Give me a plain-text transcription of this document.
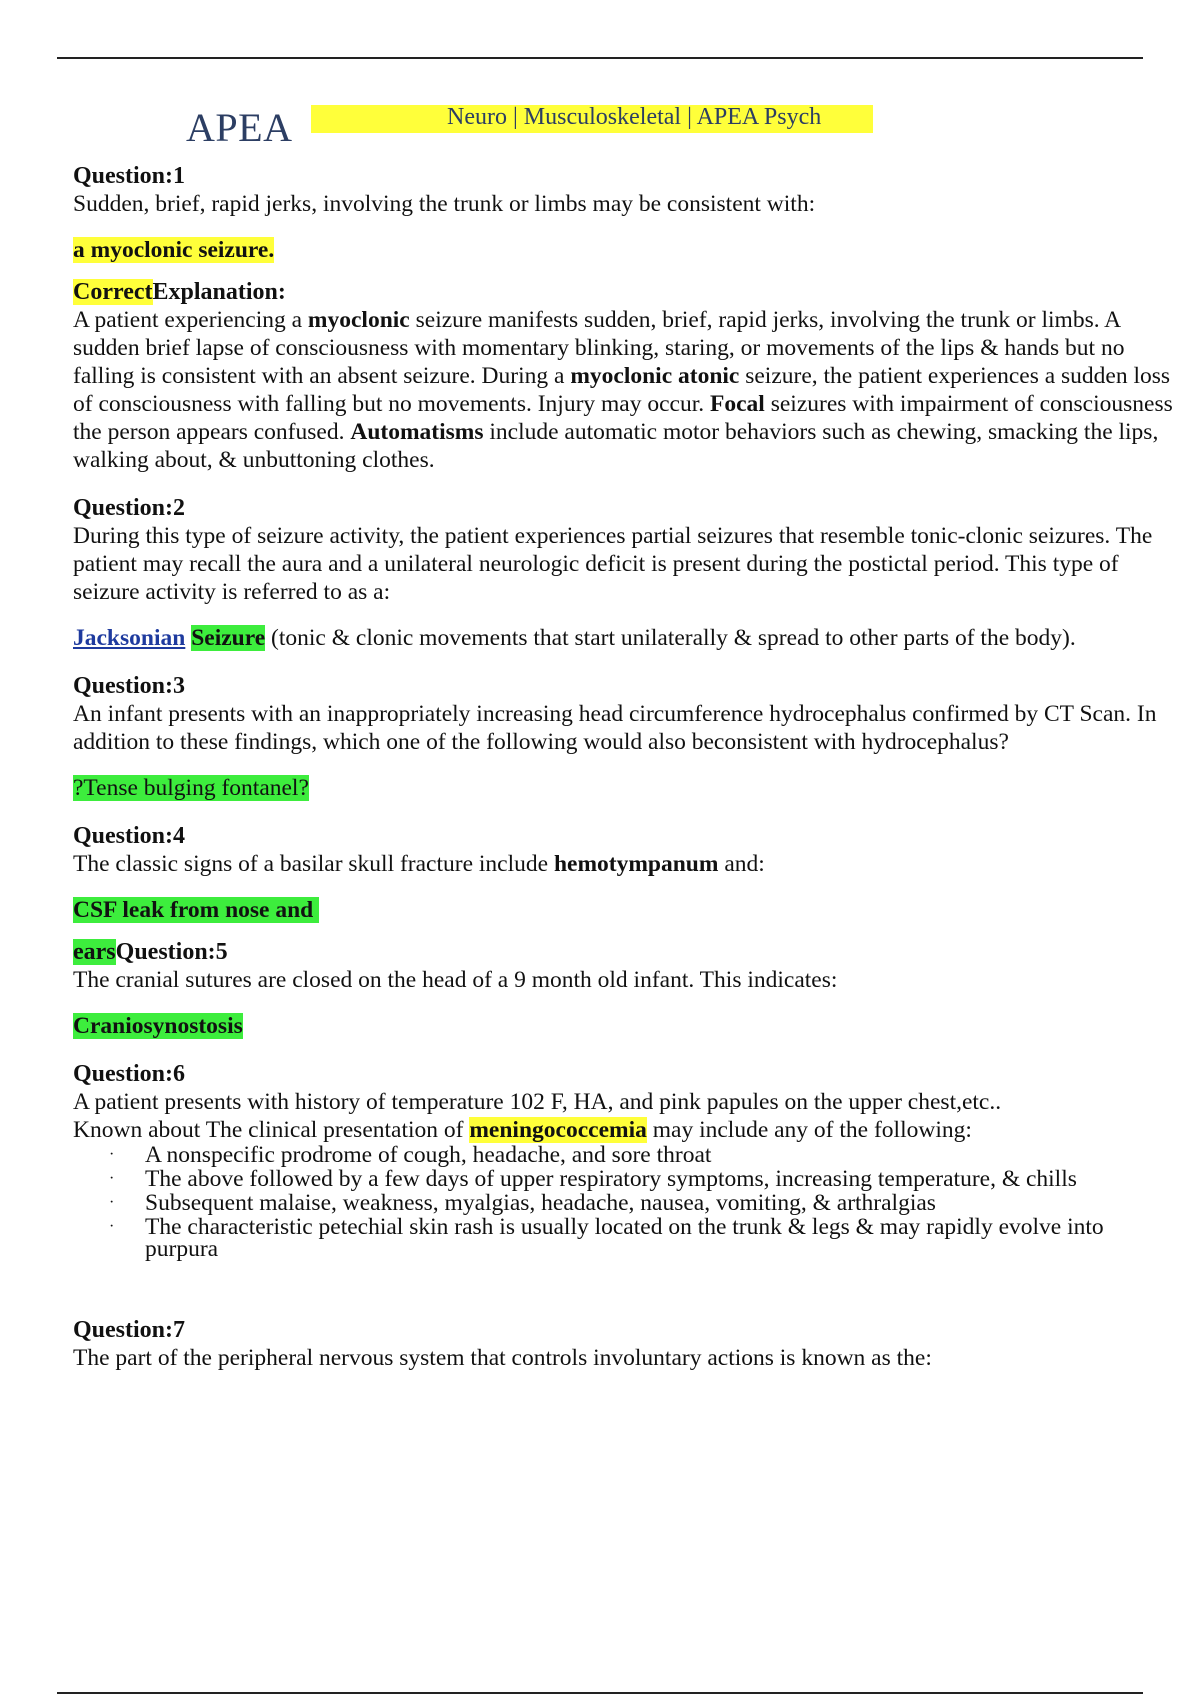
APEA	Neuro | Musculoskeletal | APEA Psych

Question:1

Sudden, brief, rapid jerks, involving the trunk or limbs may be consistent with:

a myoclonic seizure.

CorrectExplanation:

A patient experiencing a myoclonic seizure manifests sudden, brief, rapid jerks, involving the trunk or limbs. A sudden brief lapse of consciousness with momentary blinking, staring, or movements of the lips & hands but no falling is consistent with an absent seizure. During a myoclonic atonic seizure, the patient experiences a sudden loss of consciousness with falling but no movements. Injury may occur. Focal seizures with impairment of consciousness the person appears confused. Automatisms include automatic motor behaviors such as chewing, smacking the lips, walking about, & unbuttoning clothes.

Question:2

During this type of seizure activity, the patient experiences partial seizures that resemble tonic-clonic seizures. The patient may recall the aura and a unilateral neurologic deficit is present during the postictal period. This type of seizure activity is referred to as a:

Jacksonian Seizure (tonic & clonic movements that start unilaterally & spread to other parts of the body).

Question:3

An infant presents with an inappropriately increasing head circumference hydrocephalus confirmed by CT Scan. In addition to these findings, which one of the following would also beconsistent with hydrocephalus?

?Tense bulging fontanel?

Question:4

The classic signs of a basilar skull fracture include hemotympanum and:

CSF leak from nose and

earsQuestion:5

The cranial sutures are closed on the head of a 9 month old infant. This indicates:

Craniosynostosis

Question:6

A patient presents with history of temperature 102 F, HA, and pink papules on the upper chest,etc..

Known about The clinical presentation of meningococcemia may include any of the following:

· A nonspecific prodrome of cough, headache, and sore throat
· The above followed by a few days of upper respiratory symptoms, increasing temperature, & chills
· Subsequent malaise, weakness, myalgias, headache, nausea, vomiting, & arthralgias
· The characteristic petechial skin rash is usually located on the trunk & legs & may rapidly evolve into purpura

Question:7

The part of the peripheral nervous system that controls involuntary actions is known as the:
